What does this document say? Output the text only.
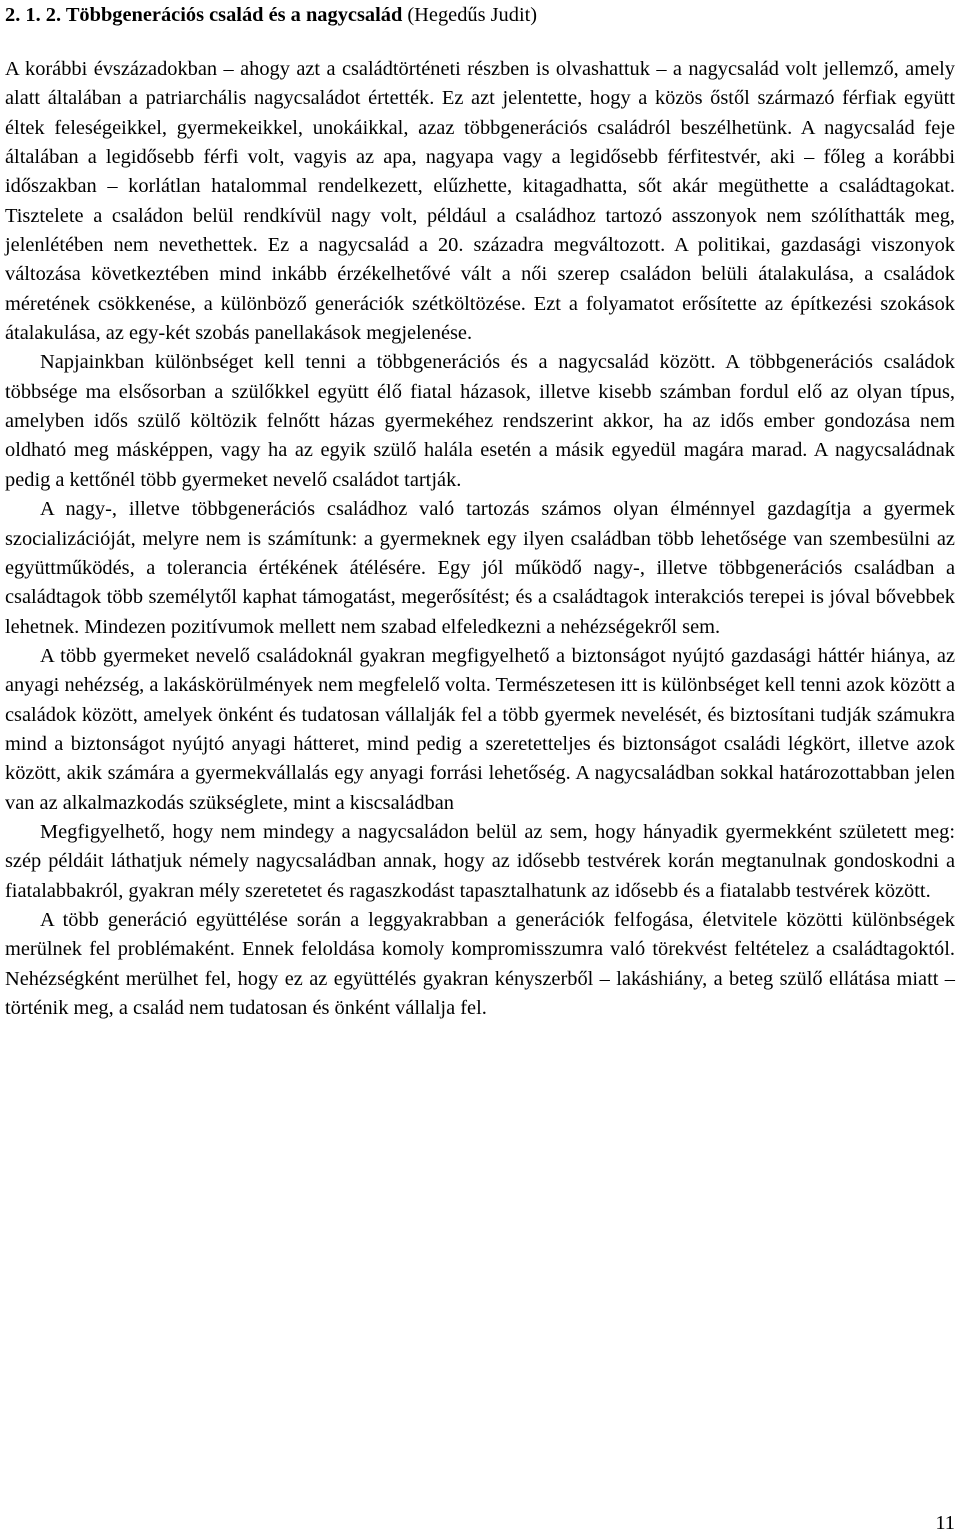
2. 1. 2. Többgenerációs család és a nagycsalád (Hegedűs Judit)

A korábbi évszázadokban – ahogy azt a családtörténeti részben is olvashattuk – a nagycsalád volt jellemző, amely alatt általában a patriarchális nagycsaládot értették. Ez azt jelentette, hogy a közös őstől származó férfiak együtt éltek feleségeikkel, gyermekeikkel, unokáikkal, azaz többgenerációs családról beszélhetünk. A nagycsalád feje általában a legidősebb férfi volt, vagyis az apa, nagyapa vagy a legidősebb férfitestvér, aki – főleg a korábbi időszakban – korlátlan hatalommal rendelkezett, elűzhette, kitagadhatta, sőt akár megüthette a családtagokat. Tisztelete a családon belül rendkívül nagy volt, például a családhoz tartozó asszonyok nem szólíthatták meg, jelenlétében nem nevethettek. Ez a nagycsalád a 20. századra megváltozott. A politikai, gazdasági viszonyok változása következtében mind inkább érzékelhetővé vált a női szerep családon belüli átalakulása, a családok méretének csökkenése, a különböző generációk szétköltözése. Ezt a folyamatot erősítette az építkezési szokások átalakulása, az egy-két szobás panellakások megjelenése.

Napjainkban különbséget kell tenni a többgenerációs és a nagycsalád között. A többgenerációs családok többsége ma elsősorban a szülőkkel együtt élő fiatal házasok, illetve kisebb számban fordul elő az olyan típus, amelyben idős szülő költözik felnőtt házas gyermekéhez rendszerint akkor, ha az idős ember gondozása nem oldható meg másképpen, vagy ha az egyik szülő halála esetén a másik egyedül magára marad. A nagycsaládnak pedig a kettőnél több gyermeket nevelő családot tartják.

A nagy-, illetve többgenerációs családhoz való tartozás számos olyan élménnyel gazdagítja a gyermek szocializációját, melyre nem is számítunk: a gyermeknek egy ilyen családban több lehetősége van szembesülni az együttműködés, a tolerancia értékének átélésére. Egy jól működő nagy-, illetve többgenerációs családban a családtagok több személytől kaphat támogatást, megerősítést; és a családtagok interakciós terepei is jóval bővebbek lehetnek. Mindezen pozitívumok mellett nem szabad elfeledkezni a nehézségekről sem.

A több gyermeket nevelő családoknál gyakran megfigyelhető a biztonságot nyújtó gazdasági háttér hiánya, az anyagi nehézség, a lakáskörülmények nem megfelelő volta. Természetesen itt is különbséget kell tenni azok között a családok között, amelyek önként és tudatosan vállalják fel a több gyermek nevelését, és biztosítani tudják számukra mind a biztonságot nyújtó anyagi hátteret, mind pedig a szeretetteljes és biztonságot családi légkört, illetve azok között, akik számára a gyermekvállalás egy anyagi forrási lehetőség. A nagycsaládban sokkal határozottabban jelen van az alkalmazkodás szükséglete, mint a kiscsaládban

Megfigyelhető, hogy nem mindegy a nagycsaládon belül az sem, hogy hányadik gyermekként született meg: szép példáit láthatjuk némely nagycsaládban annak, hogy az idősebb testvérek korán megtanulnak gondoskodni a fiatalabbakról, gyakran mély szeretetet és ragaszkodást tapasztalhatunk az idősebb és a fiatalabb testvérek között.

A több generáció együttélése során a leggyakrabban a generációk felfogása, életvitele közötti különbségek merülnek fel problémaként. Ennek feloldása komoly kompromisszumra való törekvést feltételez a családtagoktól. Nehézségként merülhet fel, hogy ez az együttélés gyakran kényszerből – lakáshiány, a beteg szülő ellátása miatt – történik meg, a család nem tudatosan és önként vállalja fel.

11
